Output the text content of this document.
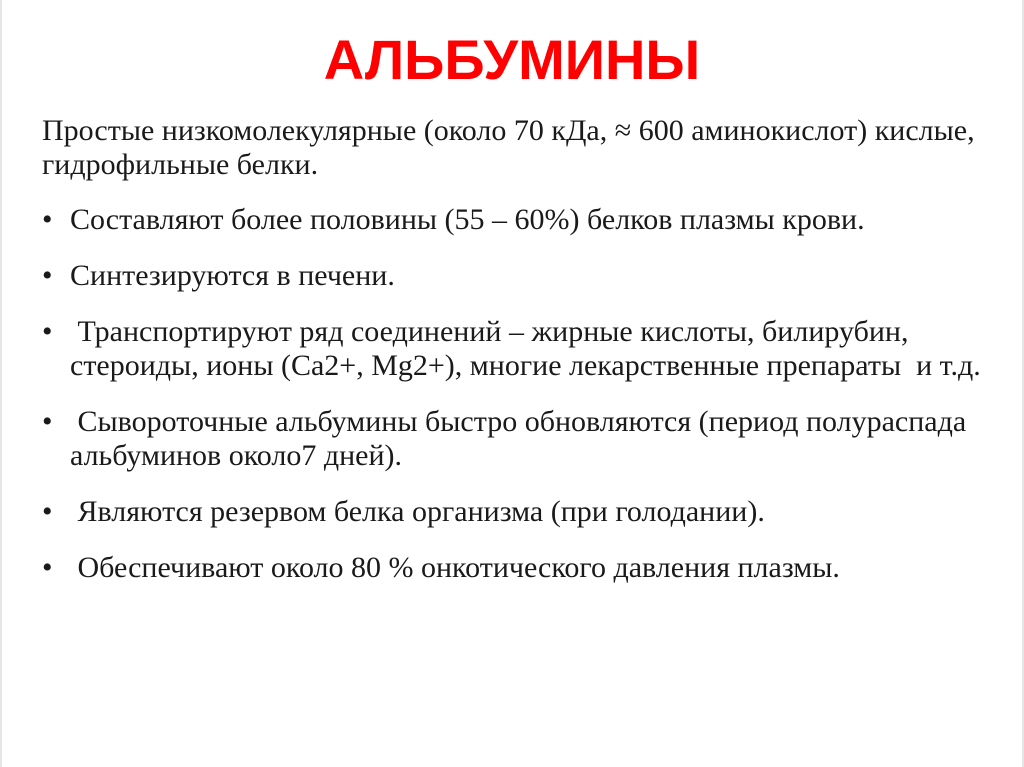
АЛЬБУМИНЫ

Простые низкомолекулярные (около 70 кДа, ≈ 600 аминокислот) кислые, гидрофильные белки.

• Составляют более половины (55 – 60%) белков плазмы крови.
• Синтезируются в печени.
• Транспортируют ряд соединений – жирные кислоты, билирубин, стероиды, ионы (Ca2+, Mg2+), многие лекарственные препараты  и т.д.
• Сывороточные альбумины быстро обновляются (период полураспада альбуминов около7 дней).
• Являются резервом белка организма (при голодании).
• Обеспечивают около 80 % онкотического давления плазмы.
